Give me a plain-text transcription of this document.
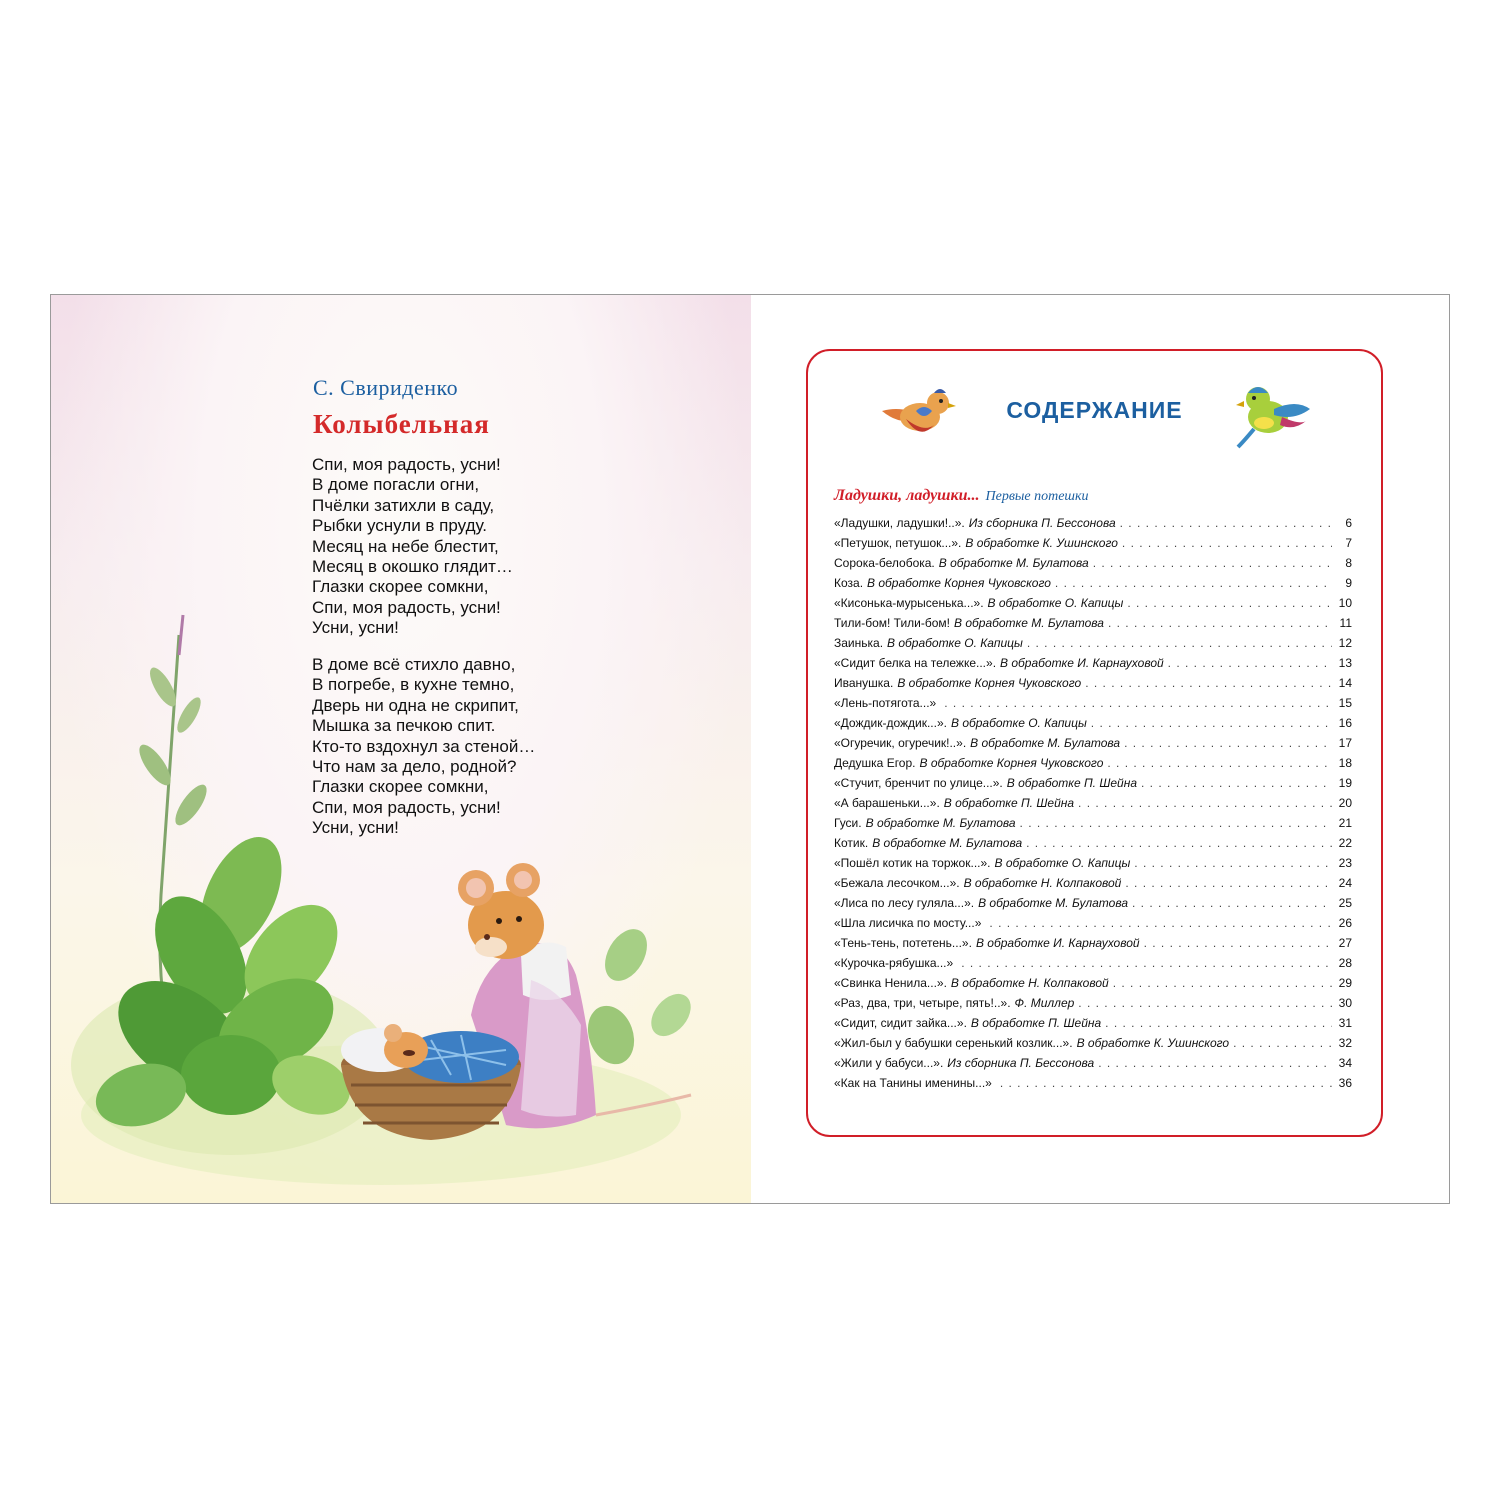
С. Свириденко
Колыбельная
Спи, моя радость, усни!
В доме погасли огни,
Пчёлки затихли в саду,
Рыбки уснули в пруду.
Месяц на небе блестит,
Месяц в окошко глядит…
Глазки скорее сомкни,
Спи, моя радость, усни!
Усни, усни!
В доме всё стихло давно,
В погребе, в кухне темно,
Дверь ни одна не скрипит,
Мышка за печкою спит.
Кто-то вздохнул за стеной…
Что нам за дело, родной?
Глазки скорее сомкни,
Спи, моя радость, усни!
Усни, усни!
СОДЕРЖАНИЕ
Ладушки, ладушки... Первые потешки
«Ладушки, ладушки!..». Из сборника П. Бессонова . . .	6
«Петушок, петушок...». В обработке К. Ушинского . . .	7
Сорока-белобока. В обработке М. Булатова . . .	8
Коза. В обработке Корнея Чуковского . . .	9
«Кисонька-мурысенька...». В обработке О. Капицы . . .	10
Тили-бом! Тили-бом! В обработке М. Булатова . . .	11
Заинька. В обработке О. Капицы . . .	12
«Сидит белка на тележке...». В обработке И. Карнауховой . . .	13
Иванушка. В обработке Корнея Чуковского . . .	14
«Лень-потягота...» . . .	15
«Дождик-дождик...». В обработке О. Капицы . . .	16
«Огуречик, огуречик!..». В обработке М. Булатова . . .	17
Дедушка Егор. В обработке Корнея Чуковского . . .	18
«Стучит, бренчит по улице...». В обработке П. Шейна . . .	19
«А барашеньки...». В обработке П. Шейна . . .	20
Гуси. В обработке М. Булатова . . .	21
Котик. В обработке М. Булатова . . .	22
«Пошёл котик на торжок...». В обработке О. Капицы . . .	23
«Бежала лесочком...». В обработке Н. Колпаковой . . .	24
«Лиса по лесу гуляла...». В обработке М. Булатова . . .	25
«Шла лисичка по мосту...» . . .	26
«Тень-тень, потетень...». В обработке И. Карнауховой . . .	27
«Курочка-рябушка...» . . .	28
«Свинка Ненила...». В обработке Н. Колпаковой . . .	29
«Раз, два, три, четыре, пять!..». Ф. Миллер . . .	30
«Сидит, сидит зайка...». В обработке П. Шейна . . .	31
«Жил-был у бабушки серенький козлик...». В обработке К. Ушинского . . .	32
«Жили у бабуси...». Из сборника П. Бессонова . . .	34
«Как на Танины именины...» . . .	36
